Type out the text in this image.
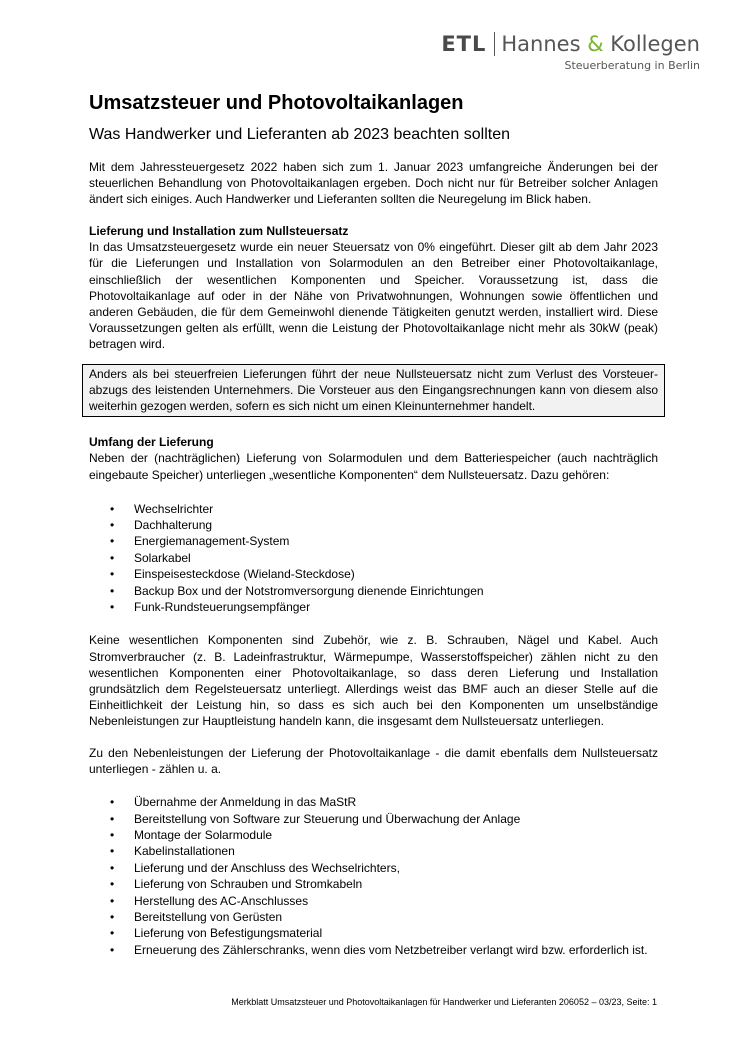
ETL Hannes & Kollegen
Steuerberatung in Berlin
Umsatzsteuer und Photovoltaikanlagen
Was Handwerker und Lieferanten ab 2023 beachten sollten

Mit dem Jahressteuergesetz 2022 haben sich zum 1. Januar 2023 umfangreiche Änderungen bei der steuerlichen Behandlung von Photovoltaikanlagen ergeben. Doch nicht nur für Betreiber solcher Anlagen ändert sich einiges. Auch Handwerker und Lieferanten sollten die Neuregelung im Blick haben.

Lieferung und Installation zum Nullsteuersatz

In das Umsatzsteuergesetz wurde ein neuer Steuersatz von 0% eingeführt. Dieser gilt ab dem Jahr 2023 für die Lieferungen und Installation von Solarmodulen an den Betreiber einer Photovoltaikanlage, einschließlich der wesentlichen Komponenten und Speicher. Voraussetzung ist, dass die Photovoltaikanlage auf oder in der Nähe von Privatwohnungen, Wohnungen sowie öffentlichen und anderen Gebäuden, die für dem Gemeinwohl dienende Tätigkeiten genutzt werden, installiert wird. Diese Voraussetzungen gelten als erfüllt, wenn die Leistung der Photovoltaikanlage nicht mehr als 30kW (peak) betragen wird.

Anders als bei steuerfreien Lieferungen führt der neue Nullsteuersatz nicht zum Verlust des Vorsteuer-abzugs des leistenden Unternehmers. Die Vorsteuer aus den Eingangsrechnungen kann von diesem also weiterhin gezogen werden, sofern es sich nicht um einen Kleinunternehmer handelt.

Umfang der Lieferung

Neben der (nachträglichen) Lieferung von Solarmodulen und dem Batteriespeicher (auch nachträglich eingebaute Speicher) unterliegen „wesentliche Komponenten“ dem Nullsteuersatz. Dazu gehören:

• Wechselrichter
• Dachhalterung
• Energiemanagement-System
• Solarkabel
• Einspeisesteckdose (Wieland-Steckdose)
• Backup Box und der Notstromversorgung dienende Einrichtungen
• Funk-Rundsteuerungsempfänger

Keine wesentlichen Komponenten sind Zubehör, wie z. B. Schrauben, Nägel und Kabel. Auch Stromverbraucher (z. B. Ladeinfrastruktur, Wärmepumpe, Wasserstoffspeicher) zählen nicht zu den wesentlichen Komponenten einer Photovoltaikanlage, so dass deren Lieferung und Installation grundsätzlich dem Regelsteuersatz unterliegt. Allerdings weist das BMF auch an dieser Stelle auf die Einheitlichkeit der Leistung hin, so dass es sich auch bei den Komponenten um unselbständige Nebenleistungen zur Hauptleistung handeln kann, die insgesamt dem Nullsteuersatz unterliegen.

Zu den Nebenleistungen der Lieferung der Photovoltaikanlage - die damit ebenfalls dem Nullsteuersatz unterliegen - zählen u. a.

• Übernahme der Anmeldung in das MaStR
• Bereitstellung von Software zur Steuerung und Überwachung der Anlage
• Montage der Solarmodule
• Kabelinstallationen
• Lieferung und der Anschluss des Wechselrichters,
• Lieferung von Schrauben und Stromkabeln
• Herstellung des AC-Anschlusses
• Bereitstellung von Gerüsten
• Lieferung von Befestigungsmaterial
• Erneuerung des Zählerschranks, wenn dies vom Netzbetreiber verlangt wird bzw. erforderlich ist.
Merkblatt Umsatzsteuer und Photovoltaikanlagen für Handwerker und Lieferanten 206052 – 03/23, Seite: 1
